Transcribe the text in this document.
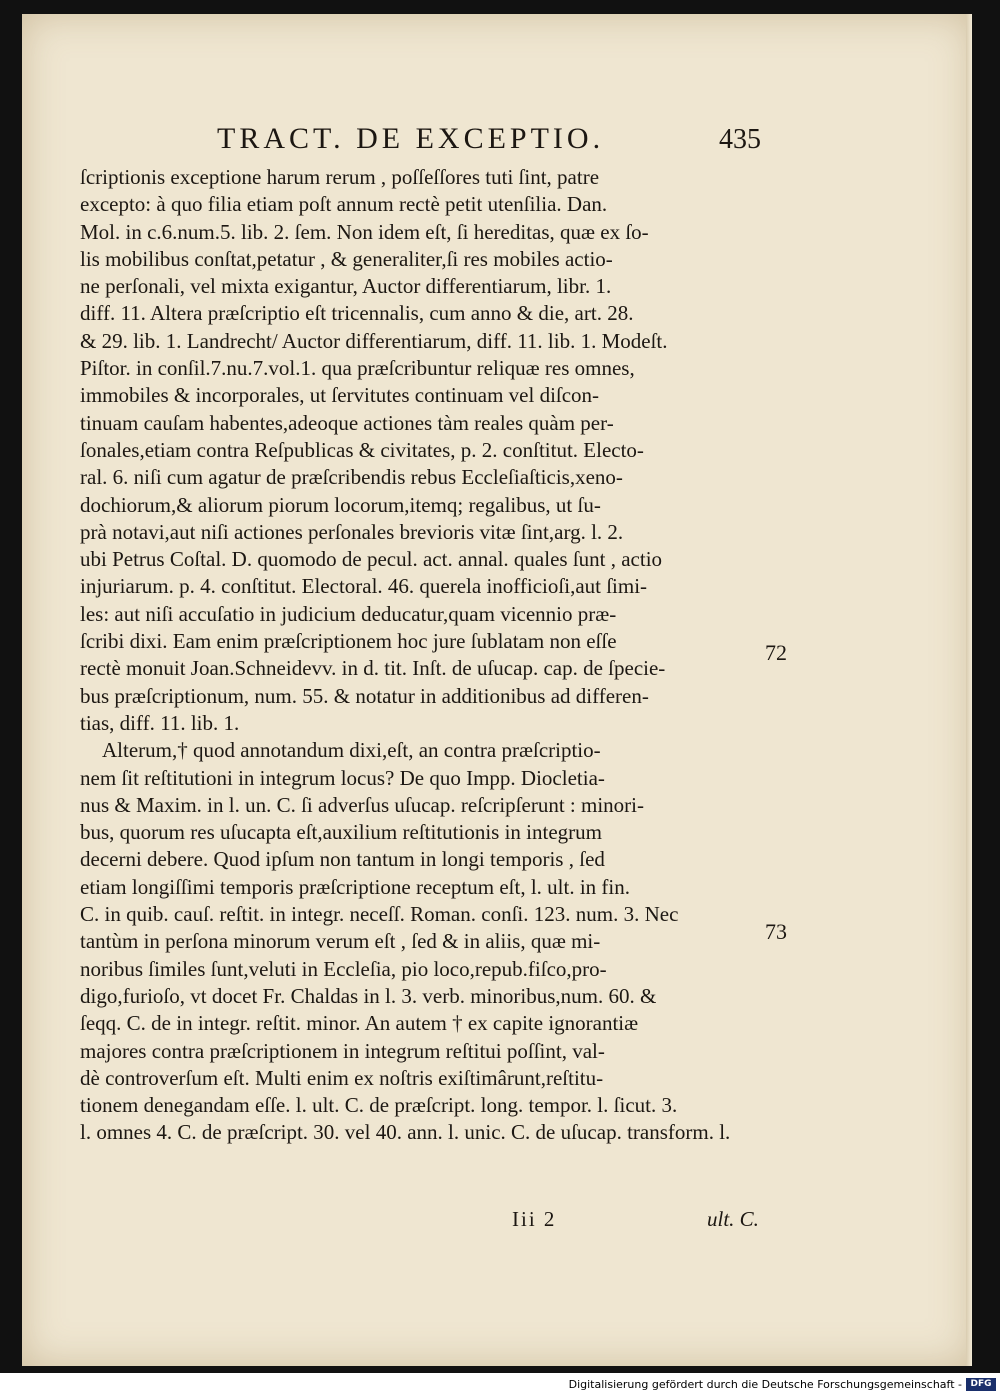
TRACT. DE EXCEPTIO.	435
ſcriptionis exceptione harum rerum , poſſeſſores tuti ſint, patre
excepto: à quo filia etiam poſt annum rectè petit utenſilia. Dan.
Mol. in c.6.num.5. lib. 2. ſem. Non idem eſt, ſi hereditas, quæ ex ſo-
lis mobilibus conſtat,petatur , & generaliter,ſi res mobiles actio-
ne perſonali, vel mixta exigantur, Auctor differentiarum, libr. 1.
diff. 11. Altera præſcriptio eſt tricennalis, cum anno & die, art. 28.
& 29. lib. 1. Landrecht/ Auctor differentiarum, diff. 11. lib. 1. Modeſt.
Piſtor. in conſil.7.nu.7.vol.1. qua præſcribuntur reliquæ res omnes,
immobiles & incorporales, ut ſervitutes continuam vel diſcon-
tinuam cauſam habentes,adeoque actiones tàm reales quàm per-
ſonales,etiam contra Reſpublicas & civitates, p. 2. conſtitut. Electo-
ral. 6. niſi cum agatur de præſcribendis rebus Eccleſiaſticis,xeno-
dochiorum,& aliorum piorum locorum,itemq; regalibus, ut ſu-
prà notavi,aut niſi actiones perſonales brevioris vitæ ſint,arg. l. 2.
ubi Petrus Coſtal. D. quomodo de pecul. act. annal. quales ſunt , actio
injuriarum. p. 4. conſtitut. Electoral. 46. querela inofficioſi,aut ſimi-
les: aut niſi accuſatio in judicium deducatur,quam vicennio præ-
ſcribi dixi. Eam enim præſcriptionem hoc jure ſublatam non eſſe
rectè monuit Joan.Schneidevv. in d. tit. Inſt. de uſucap. cap. de ſpecie-
bus præſcriptionum, num. 55. & notatur in additionibus ad differen-
tias, diff. 11. lib. 1.
Alterum,† quod annotandum dixi,eſt, an contra præſcriptio-
nem ſit reſtitutioni in integrum locus? De quo Impp. Diocletia-
nus & Maxim. in l. un. C. ſi adverſus uſucap. reſcripſerunt : minori-
bus, quorum res uſucapta eſt,auxilium reſtitutionis in integrum
decerni debere. Quod ipſum non tantum in longi temporis , ſed
etiam longiſſimi temporis præſcriptione receptum eſt, l. ult. in fin.
C. in quib. cauſ. reſtit. in integr. neceſſ. Roman. conſi. 123. num. 3. Nec
tantùm in perſona minorum verum eſt , ſed & in aliis, quæ mi-
noribus ſimiles ſunt,veluti in Eccleſia, pio loco,repub.fiſco,pro-
digo,furioſo, vt docet Fr. Chaldas in l. 3. verb. minoribus,num. 60. &
ſeqq. C. de in integr. reſtit. minor. An autem † ex capite ignorantiæ
majores contra præſcriptionem in integrum reſtitui poſſint, val-
dè controverſum eſt. Multi enim ex noſtris exiſtimârunt,reſtitu-
tionem denegandam eſſe. l. ult. C. de præſcript. long. tempor. l. ſicut. 3.
l. omnes 4. C. de præſcript. 30. vel 40. ann. l. unic. C. de uſucap. transform. l.
72
73
Iii 2	ult. C.
Digitalisierung gefördert durch die Deutsche Forschungsgemeinschaft - DFG
